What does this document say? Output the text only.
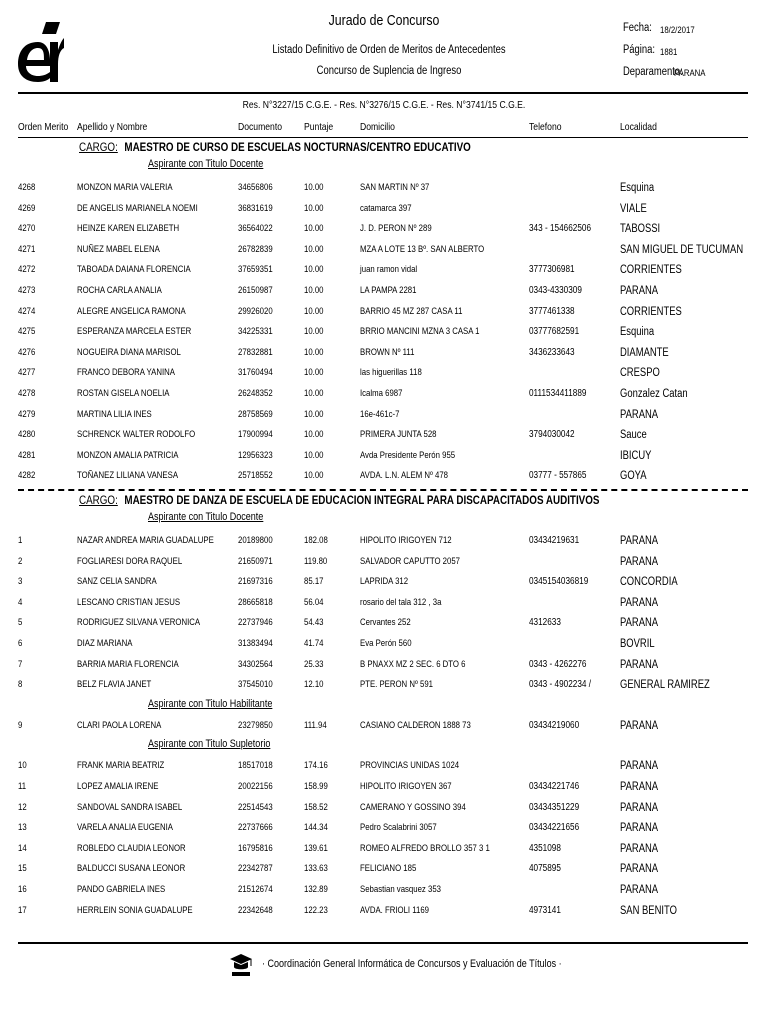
Jurado de Concurso
Listado Definitivo de Orden de Meritos de Antecedentes
Concurso de Suplencia de Ingreso
Fecha: 18/2/2017
Página: 1881
Deparamento:
PARANA
Res. N°3227/15 C.G.E. - Res. N°3276/15 C.G.E. - Res. N°3741/15 C.G.E.
Orden Merito Apellido y Nombre	Documento Puntaje	Domicilio	Telefono	Localidad
CARGO: MAESTRO DE CURSO DE ESCUELAS NOCTURNAS/CENTRO EDUCATIVO
Aspirante con Titulo Docente
4268	MONZON MARIA VALERIA	34656806	10.00	SAN MARTIN Nº 37	Esquina
4269	DE ANGELIS MARIANELA NOEMI	36831619	10.00	catamarca 397	VIALE
4270	HEINZE KAREN ELIZABETH	36564022	10.00	J. D. PERON Nº 289	343 - 154662506	TABOSSI
4271	NUÑEZ MABEL ELENA	26782839	10.00	MZA A LOTE 13 Bº. SAN ALBERTO	SAN MIGUEL DE TUCUMAN
4272	TABOADA DAIANA FLORENCIA	37659351	10.00	juan ramon vidal	3777306981	CORRIENTES
4273	ROCHA CARLA ANALIA	26150987	10.00	LA PAMPA 2281	0343-4330309	PARANA
4274	ALEGRE ANGELICA RAMONA	29926020	10.00	BARRIO 45 MZ 287 CASA 11	3777461338	CORRIENTES
4275	ESPERANZA MARCELA ESTER	34225331	10.00	BRRIO MANCINI MZNA 3 CASA 1	03777682591	Esquina
4276	NOGUEIRA DIANA MARISOL	27832881	10.00	BROWN Nº 111	3436233643	DIAMANTE
4277	FRANCO DEBORA YANINA	31760494	10.00	las higuerillas 118	CRESPO
4278	ROSTAN GISELA NOELIA	26248352	10.00	Icalma 6987	0111534411889	Gonzalez Catan
4279	MARTINA LILIA INES	28758569	10.00	16e-461c-7	PARANA
4280	SCHRENCK WALTER RODOLFO	17900994	10.00	PRIMERA JUNTA 528	3794030042	Sauce
4281	MONZON AMALIA PATRICIA	12956323	10.00	Avda Presidente Perón 955	IBICUY
4282	TOÑANEZ LILIANA VANESA	25718552	10.00	AVDA. L.N. ALEM Nº 478	03777 - 557865	GOYA
CARGO: MAESTRO DE DANZA DE ESCUELA DE EDUCACION INTEGRAL PARA DISCAPACITADOS AUDITIVOS
Aspirante con Titulo Docente
1	NAZAR ANDREA MARIA GUADALUPE	20189800	182.08	HIPOLITO IRIGOYEN 712	03434219631	PARANA
2	FOGLIARESI DORA RAQUEL	21650971	119.80	SALVADOR CAPUTTO 2057	PARANA
3	SANZ CELIA SANDRA	21697316	85.17	LAPRIDA 312	0345154036819	CONCORDIA
4	LESCANO CRISTIAN JESUS	28665818	56.04	rosario del tala 312 , 3a	PARANA
5	RODRIGUEZ SILVANA VERONICA	22737946	54.43	Cervantes 252	4312633	PARANA
6	DIAZ MARIANA	31383494	41.74	Eva Perón 560	BOVRIL
7	BARRIA MARIA FLORENCIA	34302564	25.33	B PNAXX MZ 2 SEC. 6 DTO 6	0343 - 4262276	PARANA
8	BELZ FLAVIA JANET	37545010	12.10	PTE. PERON Nº 591	0343 - 4902234 /	GENERAL RAMIREZ
Aspirante con Titulo Habilitante
9	CLARI PAOLA LORENA	23279850	111.94	CASIANO CALDERON 1888 73	03434219060	PARANA
Aspirante con Titulo Supletorio
10	FRANK MARIA BEATRIZ	18517018	174.16	PROVINCIAS UNIDAS 1024	PARANA
11	LOPEZ AMALIA IRENE	20022156	158.99	HIPOLITO IRIGOYEN 367	03434221746	PARANA
12	SANDOVAL SANDRA ISABEL	22514543	158.52	CAMERANO Y GOSSINO 394	03434351229	PARANA
13	VARELA ANALIA EUGENIA	22737666	144.34	Pedro Scalabrini 3057	03434221656	PARANA
14	ROBLEDO CLAUDIA LEONOR	16795816	139.61	ROMEO ALFREDO BROLLO 357 3 1	4351098	PARANA
15	BALDUCCI SUSANA LEONOR	22342787	133.63	FELICIANO 185	4075895	PARANA
16	PANDO GABRIELA INES	21512674	132.89	Sebastian vasquez 353	PARANA
17	HERRLEIN SONIA GUADALUPE	22342648	122.23	AVDA. FRIOLI 1169	4973141	SAN BENITO
· Coordinación General Informática de Concursos y Evaluación de Títulos ·
